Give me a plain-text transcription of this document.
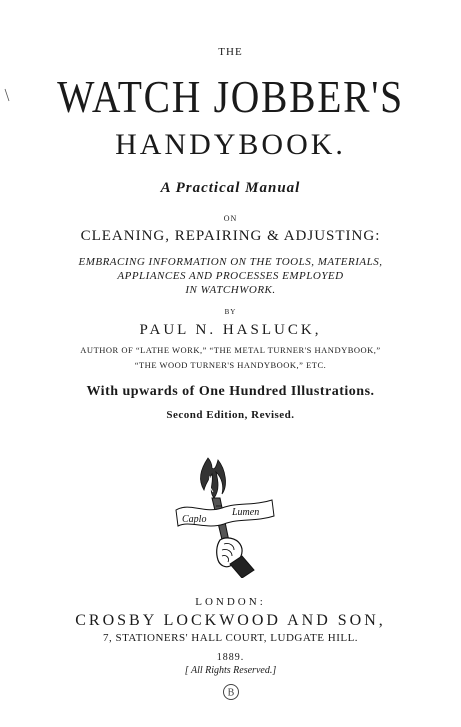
THE
WATCH JOBBER'S
HANDYBOOK.
A Practical Manual
ON
CLEANING, REPAIRING & ADJUSTING:
EMBRACING INFORMATION ON THE TOOLS, MATERIALS,
APPLIANCES AND PROCESSES EMPLOYED
IN WATCHWORK.
BY
PAUL N. HASLUCK,
AUTHOR OF “LATHE WORK,” “THE METAL TURNER'S HANDYBOOK,”
“THE WOOD TURNER'S HANDYBOOK,” ETC.
With upwards of One Hundred Illustrations.
Second Edition, Revised.
Caplo
Lumen
LONDON:
CROSBY LOCKWOOD AND SON,
7, STATIONERS' HALL COURT, LUDGATE HILL.
1889.
[ All Rights Reserved.]
B
